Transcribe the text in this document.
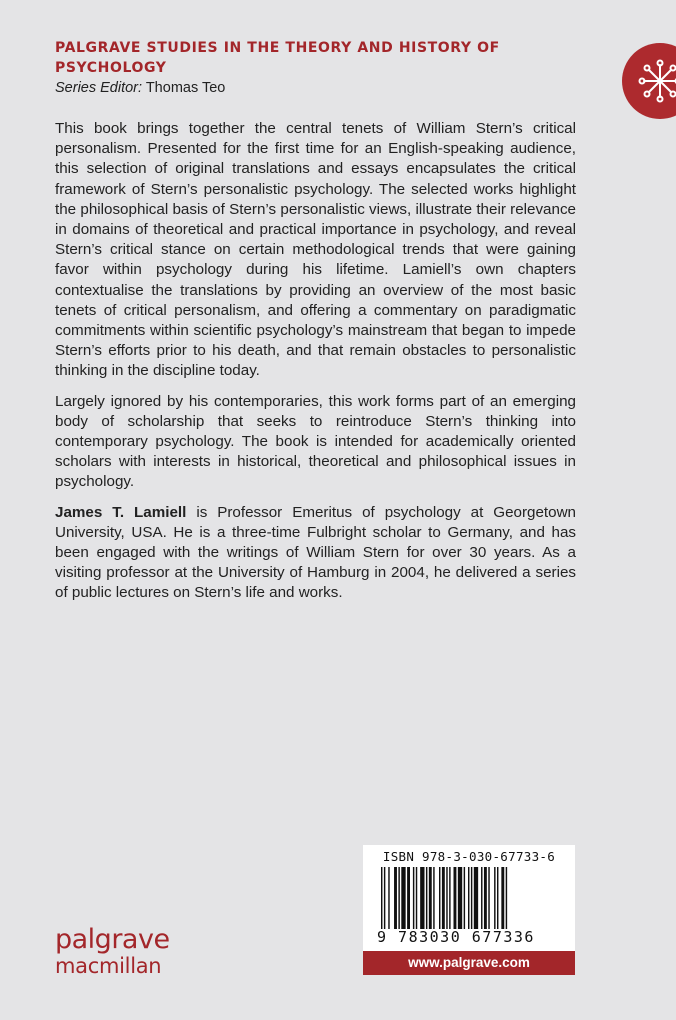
PALGRAVE STUDIES IN THE THEORY AND HISTORY OF PSYCHOLOGY
Series Editor: Thomas Teo

This book brings together the central tenets of William Stern’s critical personalism. Presented for the first time for an English-speaking audience, this selection of original translations and essays encapsulates the critical framework of Stern’s personalistic psychology. The selected works highlight the philosophical basis of Stern’s personalistic views, illustrate their relevance in domains of theoretical and practical importance in psychology, and reveal Stern’s critical stance on certain methodological trends that were gaining favor within psychology during his lifetime. Lamiell’s own chapters contextualise the translations by providing an overview of the most basic tenets of critical personalism, and offering a commentary on paradigmatic commitments within scientific psychology’s mainstream that began to impede Stern’s efforts prior to his death, and that remain obstacles to personalistic thinking in the discipline today.

Largely ignored by his contemporaries, this work forms part of an emerging body of scholarship that seeks to reintroduce Stern’s thinking into contemporary psychology. The book is intended for academically oriented scholars with interests in historical, theoretical and philosophical issues in psychology.

James T. Lamiell is Professor Emeritus of psychology at Georgetown University, USA. He is a three-time Fulbright scholar to Germany, and has been engaged with the writings of William Stern for over 30 years. As a visiting professor at the University of Hamburg in 2004, he delivered a series of public lectures on Stern’s life and works.

ISBN 978-3-030-67733-6
9 783030 677336
www.palgrave.com
palgrave
macmillan
